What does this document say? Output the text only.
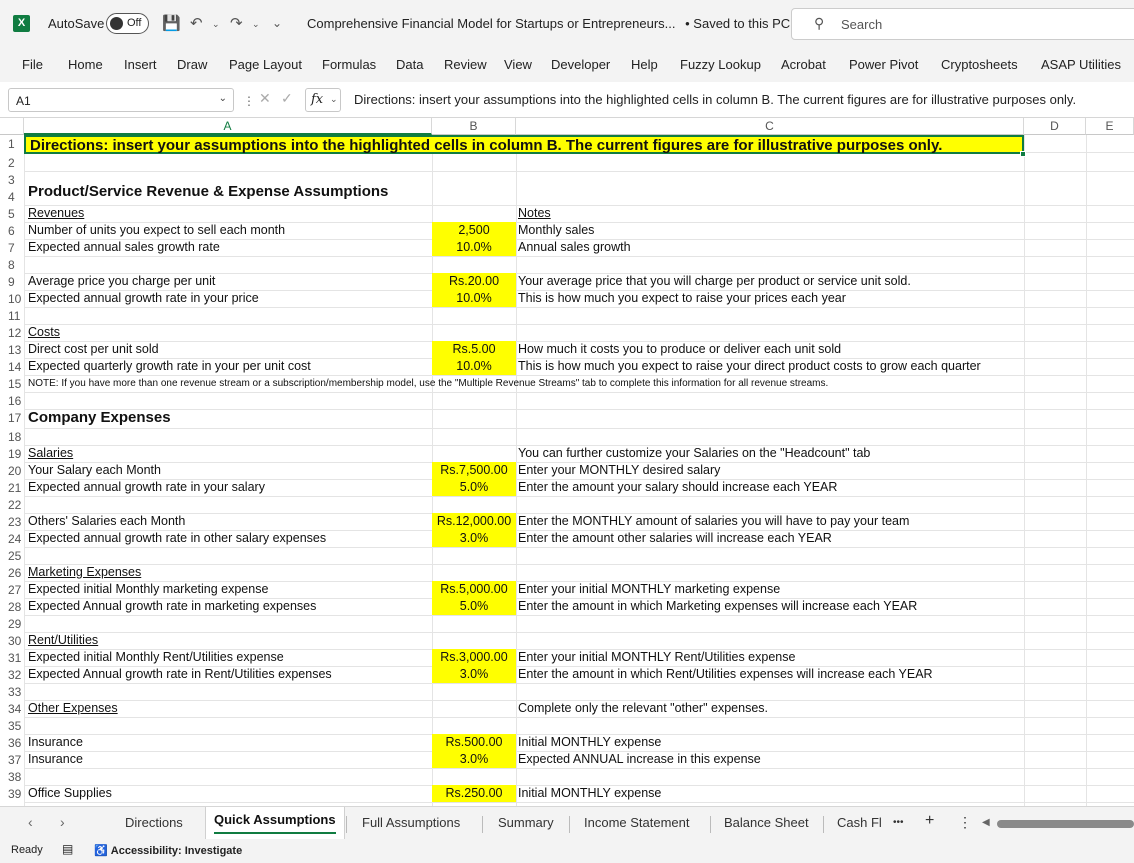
X	AutoSave Off 💾 ↶ ⌄ ↷ ⌄ ⌄ Comprehensive Financial Model for Startups or Entrepreneurs... • Saved to this PC	⚲ Search
File Home Insert Draw Page Layout Formulas Data Review View Developer Help Fuzzy Lookup Acrobat Power Pivot Cryptosheets ASAP Utilities
A1	⌄ ⋮ ✕ ✓ fx ⌄ Directions: insert your assumptions into the highlighted cells in column B. The current figures are for illustrative purposes only.
A	B	C	D	E
1	Directions: insert your assumptions into the highlighted cells in column B. The current figures are for illustrative purposes only.
2
3
Product/Service Revenue & Expense Assumptions
4
5	Revenues	Notes
6	Number of units you expect to sell each month	2,500	Monthly sales
7	Expected annual sales growth rate	10.0%	Annual sales growth
8
9	Average price you charge per unit	Rs.20.00	Your average price that you will charge per product or service unit sold.
10 Expected annual growth rate in your price	10.0%	This is how much you expect to raise your prices each year
11
12 Costs
13 Direct cost per unit sold	Rs.5.00	How much it costs you to produce or deliver each unit sold
14 Expected quarterly growth rate in your per unit cost	10.0%	This is how much you expect to raise your direct product costs to grow each quarter
15 NOTE: If you have more than one revenue stream or a subscription/membership model, use the "Multiple Revenue Streams" tab to complete this information for all revenue streams.
16
17 Company Expenses
18
19 Salaries	You can further customize your Salaries on the "Headcount" tab
20 Your Salary each Month	Rs.7,500.00 Enter your MONTHLY desired salary
21 Expected annual growth rate in your salary	5.0%	Enter the amount your salary should increase each YEAR
22
23 Others' Salaries each Month	Rs.12,000.00 Enter the MONTHLY amount of salaries you will have to pay your team
24 Expected annual growth rate in other salary expenses	3.0%	Enter the amount other salaries will increase each YEAR
25
26 Marketing Expenses
27 Expected initial Monthly marketing expense	Rs.5,000.00 Enter your initial MONTHLY marketing expense
28 Expected Annual growth rate in marketing expenses	5.0%	Enter the amount in which Marketing expenses will increase each YEAR
29
30 Rent/Utilities
31 Expected initial Monthly Rent/Utilities expense	Rs.3,000.00 Enter your initial MONTHLY Rent/Utilities expense
32 Expected Annual growth rate in Rent/Utilities expenses	3.0%	Enter the amount in which Rent/Utilities expenses will increase each YEAR
33
34 Other Expenses	Complete only the relevant "other" expenses.
35
36 Insurance	Rs.500.00	Initial MONTHLY expense
37 Insurance	3.0%	Expected ANNUAL increase in this expense
38
39 Office Supplies	Rs.250.00	Initial MONTHLY expense
‹ ›	Directions	Quick Assumptions	Full Assumptions	Summary Income Statement	Balance Sheet Cash Fl​ ••• + ⋮ ◀
Ready ▤ ♿ Accessibility: Investigate
